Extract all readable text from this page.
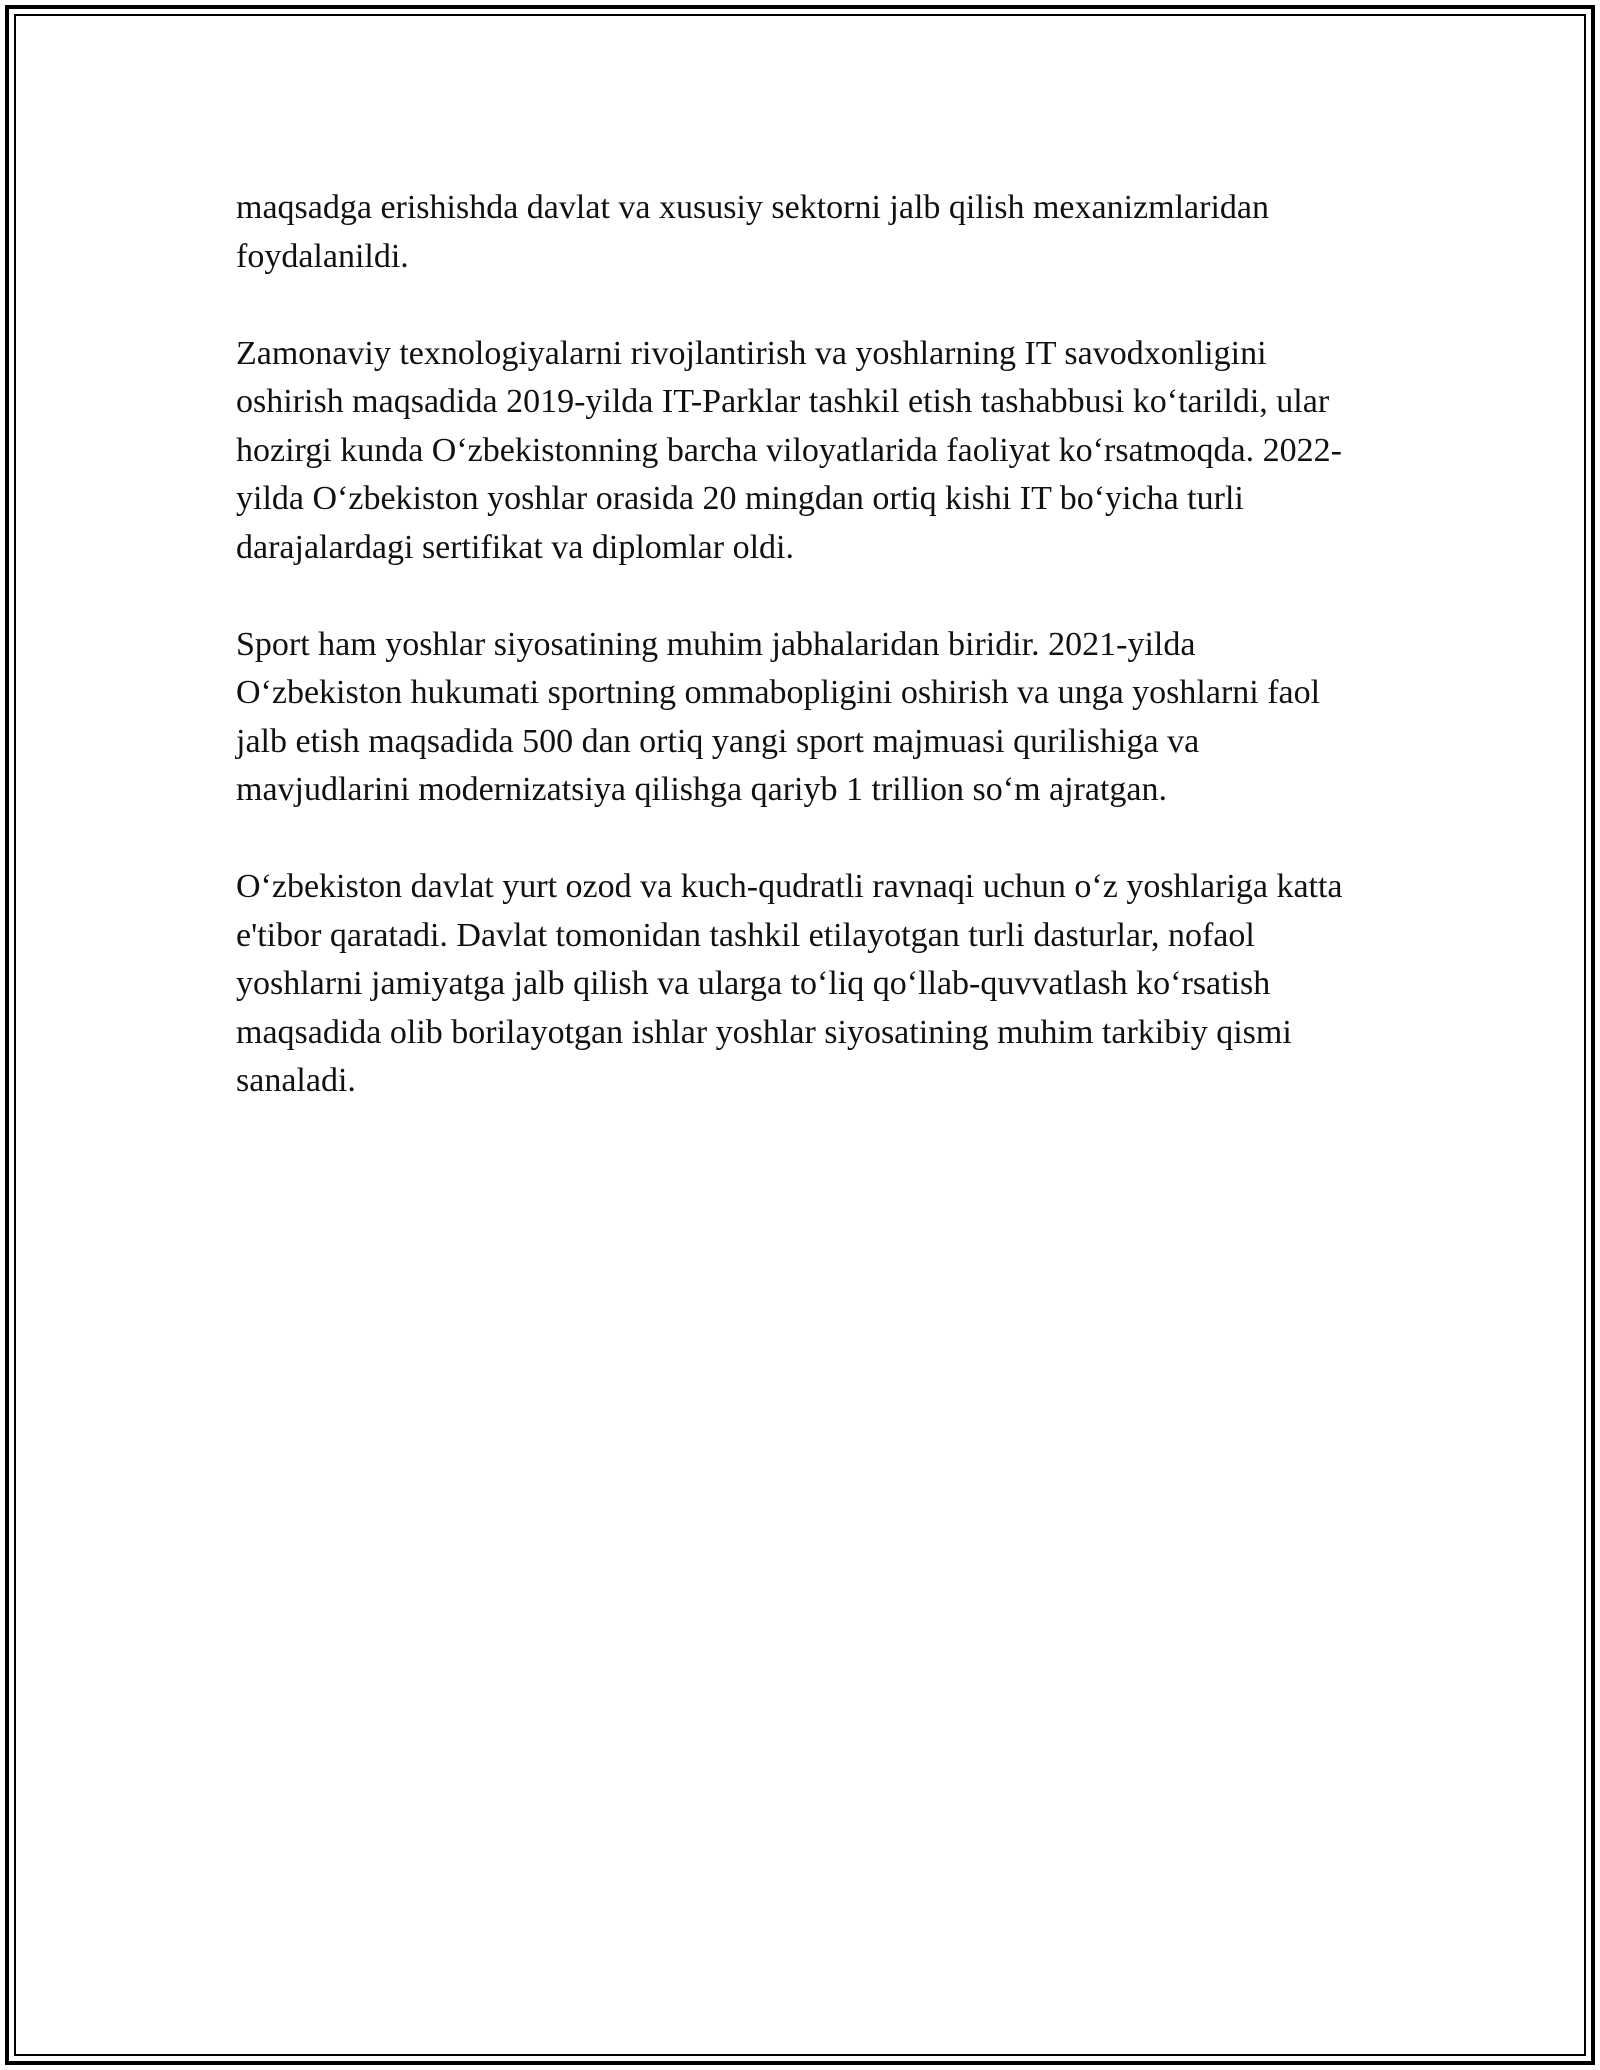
maqsadga erishishda davlat va xususiy sektorni jalb qilish mexanizmlaridan foydalanildi.

Zamonaviy texnologiyalarni rivojlantirish va yoshlarning IT savodxonligini oshirish maqsadida 2019-yilda IT-Parklar tashkil etish tashabbusi ko‘tarildi, ular hozirgi kunda O‘zbekistonning barcha viloyatlarida faoliyat ko‘rsatmoqda. 2022-yilda O‘zbekiston yoshlar orasida 20 mingdan ortiq kishi IT bo‘yicha turli darajalardagi sertifikat va diplomlar oldi.

Sport ham yoshlar siyosatining muhim jabhalaridan biridir. 2021-yilda O‘zbekiston hukumati sportning ommabopligini oshirish va unga yoshlarni faol jalb etish maqsadida 500 dan ortiq yangi sport majmuasi qurilishiga va mavjudlarini modernizatsiya qilishga qariyb 1 trillion so‘m ajratgan.

O‘zbekiston davlat yurt ozod va kuch-qudratli ravnaqi uchun o‘z yoshlariga katta e'tibor qaratadi. Davlat tomonidan tashkil etilayotgan turli dasturlar, nofaol yoshlarni jamiyatga jalb qilish va ularga to‘liq qo‘llab-quvvatlash ko‘rsatish maqsadida olib borilayotgan ishlar yoshlar siyosatining muhim tarkibiy qismi sanaladi.
